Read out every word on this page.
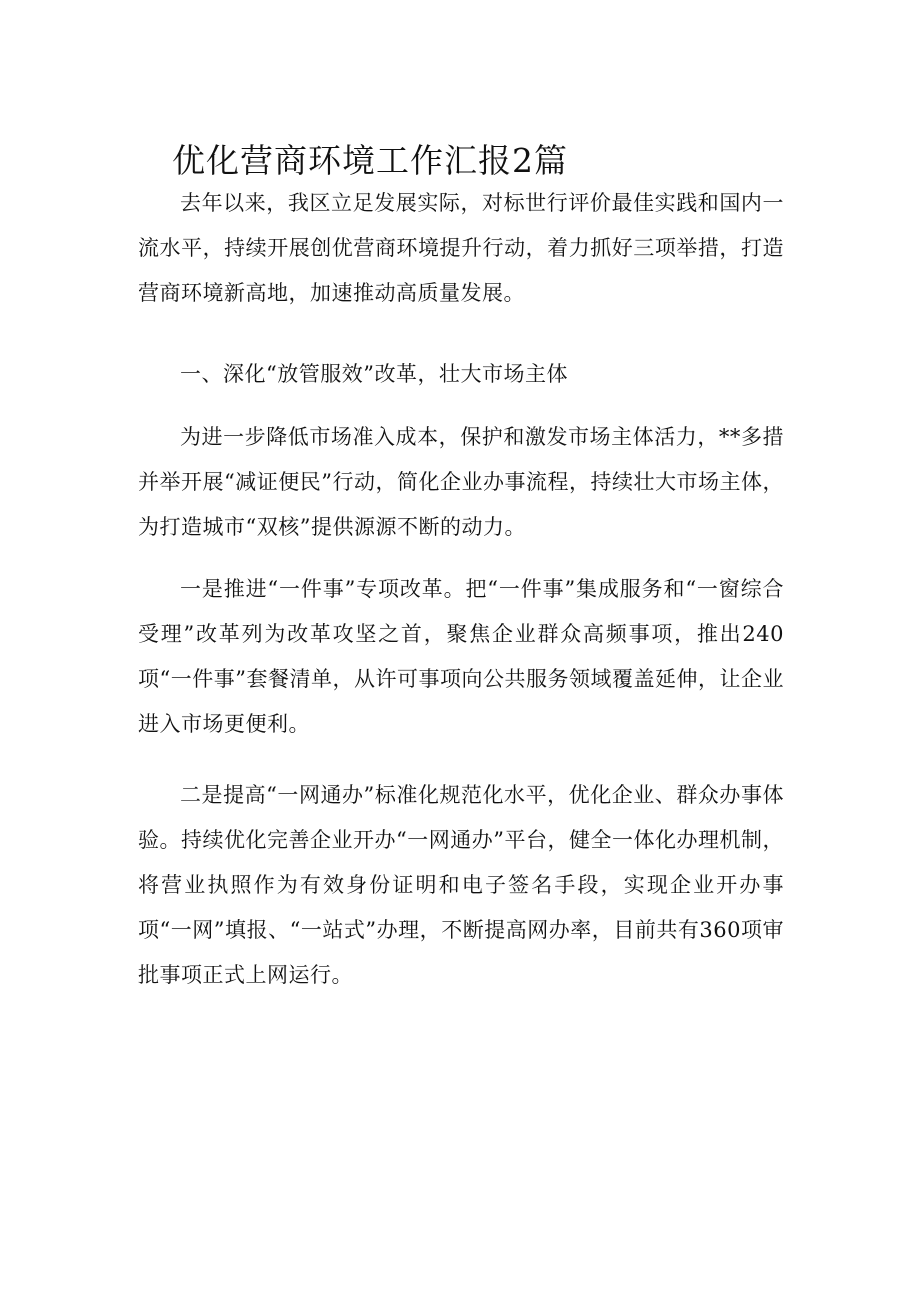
优化营商环境工作汇报2篇

去年以来，我区立足发展实际，对标世行评价最佳实践和国内一流水平，持续开展创优营商环境提升行动，着力抓好三项举措，打造营商环境新高地，加速推动高质量发展。

一、深化“放管服效”改革，壮大市场主体

为进一步降低市场准入成本，保护和激发市场主体活力，**多措并举开展“减证便民”行动，简化企业办事流程，持续壮大市场主体，为打造城市“双核”提供源源不断的动力。

一是推进“一件事”专项改革。把“一件事”集成服务和“一窗综合受理”改革列为改革攻坚之首，聚焦企业群众高频事项，推出240项“一件事”套餐清单，从许可事项向公共服务领域覆盖延伸，让企业进入市场更便利。

二是提高“一网通办”标准化规范化水平，优化企业、群众办事体验。持续优化完善企业开办“一网通办”平台，健全一体化办理机制，将营业执照作为有效身份证明和电子签名手段，实现企业开办事项“一网”填报、“一站式”办理，不断提高网办率，目前共有360项审批事项正式上网运行。
